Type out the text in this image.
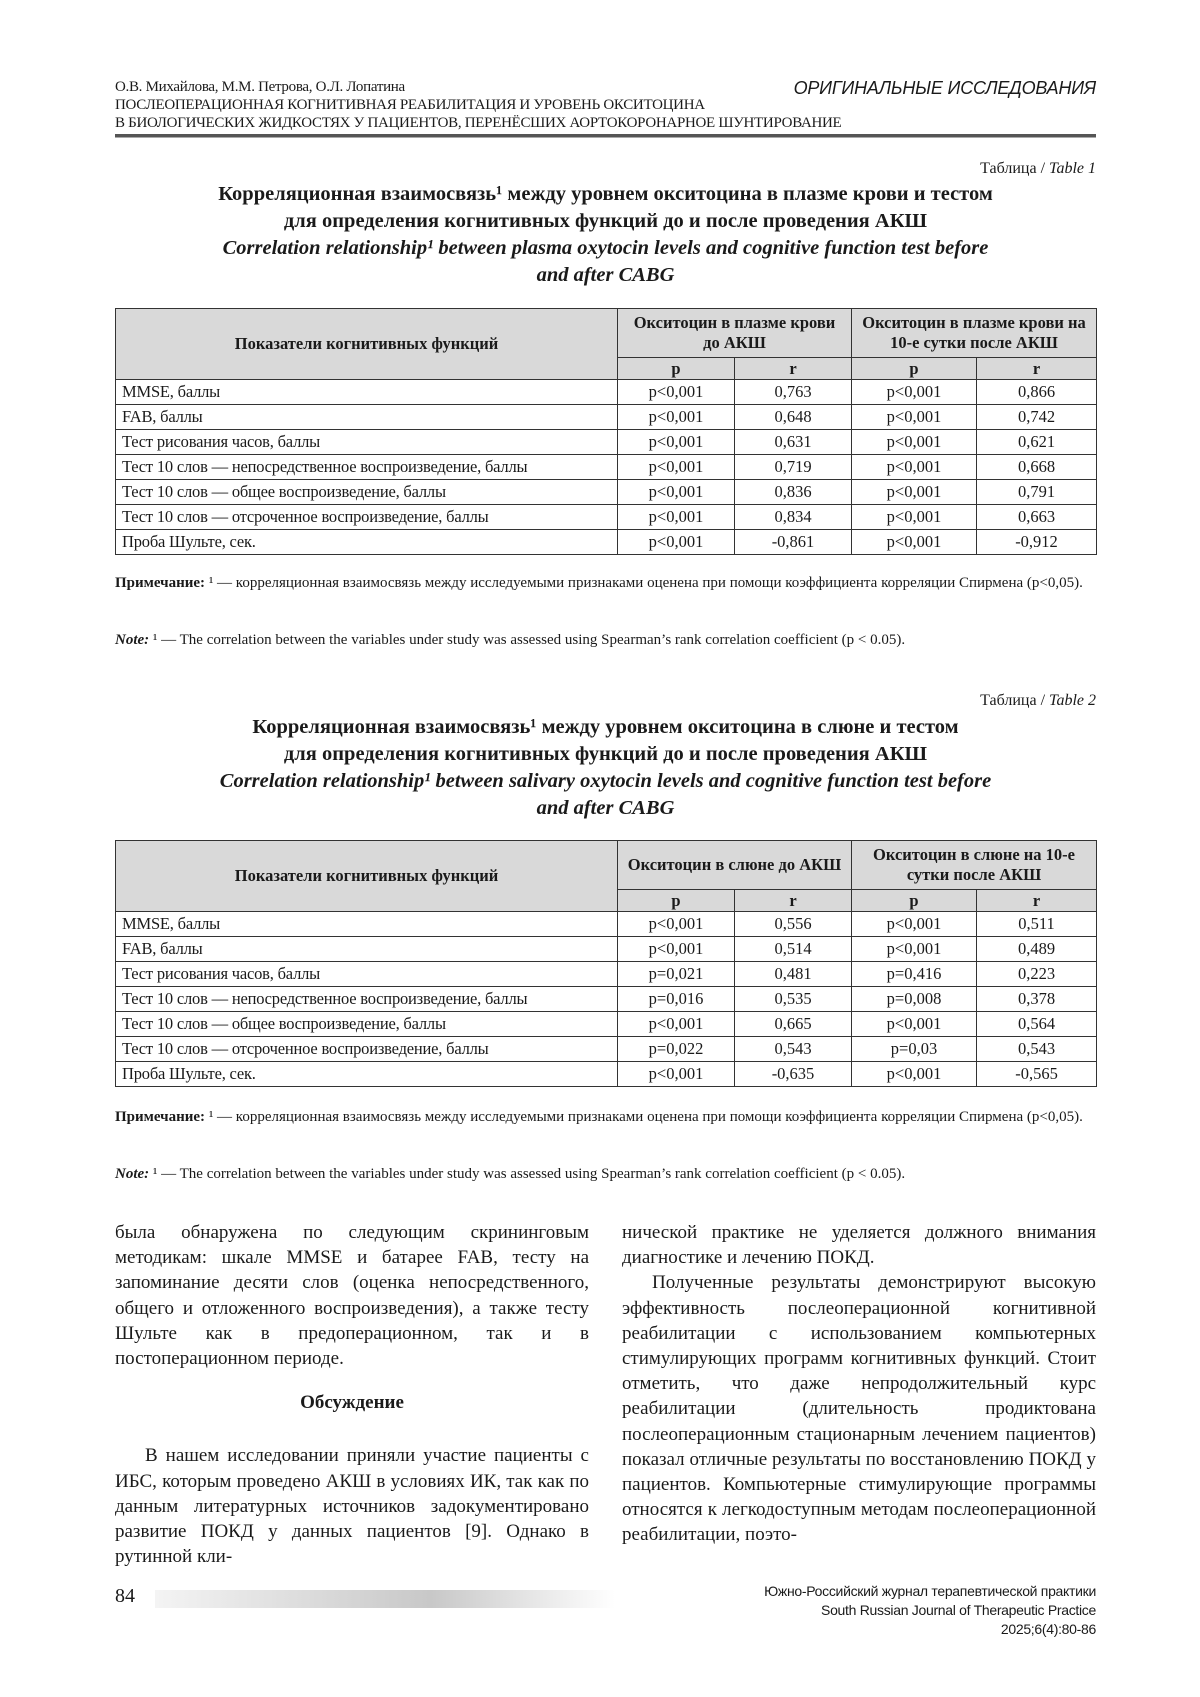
О.В. Михайлова, М.М. Петрова, О.Л. Лопатина
ПОСЛЕОПЕРАЦИОННАЯ КОГНИТИВНАЯ РЕАБИЛИТАЦИЯ И УРОВЕНЬ ОКСИТОЦИНА
В БИОЛОГИЧЕСКИХ ЖИДКОСТЯХ У ПАЦИЕНТОВ, ПЕРЕНЁСШИХ АОРТОКОРОНАРНОЕ ШУНТИРОВАНИЕ
ОРИГИНАЛЬНЫЕ ИССЛЕДОВАНИЯ
Таблица / Table 1
Корреляционная взаимосвязь¹ между уровнем окситоцина в плазме крови и тестом
для определения когнитивных функций до и после проведения АКШ
Correlation relationship¹ between plasma oxytocin levels and cognitive function test before
and after CABG
Показатели когнитивных функций	Окситоцин в плазме крови до АКШ		Окситоцин в плазме крови на 10-е сутки после АКШ	
	p	r	p	r
MMSE, баллы	p<0,001	0,763	p<0,001	0,866
FAB, баллы	p<0,001	0,648	p<0,001	0,742
Тест рисования часов, баллы	p<0,001	0,631	p<0,001	0,621
Тест 10 слов — непосредственное воспроизведение, баллы	p<0,001	0,719	p<0,001	0,668
Тест 10 слов — общее воспроизведение, баллы	p<0,001	0,836	p<0,001	0,791
Тест 10 слов — отсроченное воспроизведение, баллы	p<0,001	0,834	p<0,001	0,663
Проба Шульте, сек.	p<0,001	-0,861	p<0,001	-0,912
Примечание: ¹ — корреляционная взаимосвязь между исследуемыми признаками оценена при помощи коэффициента корреляции Спирмена (p<0,05).
Note: ¹ — The correlation between the variables under study was assessed using Spearman’s rank correlation coefficient (p < 0.05).
Таблица / Table 2
Корреляционная взаимосвязь¹ между уровнем окситоцина в слюне и тестом
для определения когнитивных функций до и после проведения АКШ
Correlation relationship¹ between salivary oxytocin levels and cognitive function test before
and after CABG
Показатели когнитивных функций	Окситоцин в слюне до АКШ		Окситоцин в слюне на 10-е сутки после АКШ	
	p	r	p	r
MMSE, баллы	p<0,001	0,556	p<0,001	0,511
FAB, баллы	p<0,001	0,514	p<0,001	0,489
Тест рисования часов, баллы	p=0,021	0,481	p=0,416	0,223
Тест 10 слов — непосредственное воспроизведение, баллы	p=0,016	0,535	p=0,008	0,378
Тест 10 слов — общее воспроизведение, баллы	p<0,001	0,665	p<0,001	0,564
Тест 10 слов — отсроченное воспроизведение, баллы	p=0,022	0,543	p=0,03	0,543
Проба Шульте, сек.	p<0,001	-0,635	p<0,001	-0,565
Примечание: ¹ — корреляционная взаимосвязь между исследуемыми признаками оценена при помощи коэффициента корреляции Спирмена (p<0,05).
Note: ¹ — The correlation between the variables under study was assessed using Spearman’s rank correlation coefficient (p < 0.05).

была обнаружена по следующим скрининговым методикам: шкале MMSE и батарее FAB, тесту на запоминание десяти слов (оценка непосредственного, общего и отложенного воспроизведения), а также тесту Шульте как в предоперационном, так и в постоперационном периоде.

Обсуждение

В нашем исследовании приняли участие пациенты с ИБС, которым проведено АКШ в условиях ИК, так как по данным литературных источников задокументировано развитие ПОКД у данных пациентов [9]. Однако в рутинной кли-

нической практике не уделяется должного внимания диагностике и лечению ПОКД.

Полученные результаты демонстрируют высокую эффективность послеоперационной когнитивной реабилитации с использованием компьютерных стимулирующих программ когнитивных функций. Стоит отметить, что даже непродолжительный курс реабилитации (длительность продиктована послеоперационным стационарным лечением пациентов) показал отличные результаты по восстановлению ПОКД у пациентов. Компьютерные стимулирующие программы относятся к легкодоступным методам послеоперационной реабилитации, поэто-

84	Южно-Российский журнал терапевтической практики
South Russian Journal of Therapeutic Practice
2025;6(4):80-86
